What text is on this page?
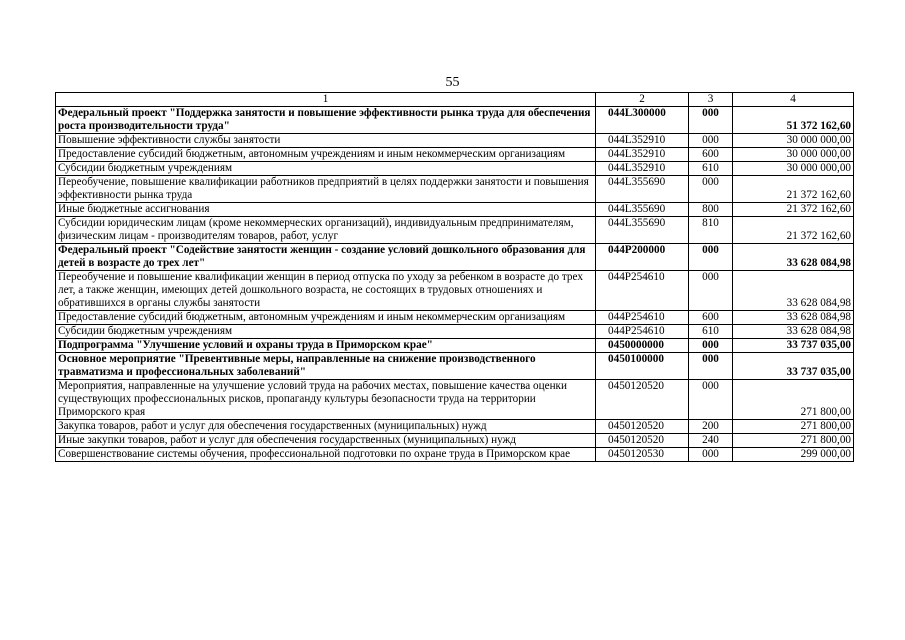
55
1	2	3	4
Федеральный проект "Поддержка занятости и повышение эффективности рынка труда для обеспечения роста производительности труда"	044L300000	000	51 372 162,60
Повышение эффективности службы занятости	044L352910	000	30 000 000,00
Предоставление субсидий бюджетным, автономным учреждениям и иным некоммерческим организациям	044L352910	600	30 000 000,00
Субсидии бюджетным учреждениям	044L352910	610	30 000 000,00
Переобучение, повышение квалификации работников предприятий в целях поддержки занятости и повышения эффективности рынка труда	044L355690	000	21 372 162,60
Иные бюджетные ассигнования	044L355690	800	21 372 162,60
Субсидии юридическим лицам (кроме некоммерческих организаций), индивидуальным предпринимателям, физическим лицам - производителям товаров, работ, услуг	044L355690	810	21 372 162,60
Федеральный проект "Содействие занятости женщин - создание условий дошкольного образования для детей в возрасте до трех лет"	044P200000	000	33 628 084,98
Переобучение и повышение квалификации женщин в период отпуска по уходу за ребенком в возрасте до трех лет, а также женщин, имеющих детей дошкольного возраста, не состоящих в трудовых отношениях и обратившихся в органы службы занятости	044P254610	000	33 628 084,98
Предоставление субсидий бюджетным, автономным учреждениям и иным некоммерческим организациям	044P254610	600	33 628 084,98
Субсидии бюджетным учреждениям	044P254610	610	33 628 084,98
Подпрограмма "Улучшение условий и охраны труда в Приморском крае"	0450000000	000	33 737 035,00
Основное мероприятие "Превентивные меры, направленные на снижение производственного травматизма и профессиональных заболеваний"	0450100000	000	33 737 035,00
Мероприятия, направленные на улучшение условий труда на рабочих местах, повышение качества оценки существующих профессиональных рисков, пропаганду культуры безопасности труда на территории Приморского края	0450120520	000	271 800,00
Закупка товаров, работ и услуг для обеспечения государственных (муниципальных) нужд	0450120520	200	271 800,00
Иные закупки товаров, работ и услуг для обеспечения государственных (муниципальных) нужд	0450120520	240	271 800,00
Совершенствование системы обучения, профессиональной подготовки по охране труда в Приморском крае	0450120530	000	299 000,00
